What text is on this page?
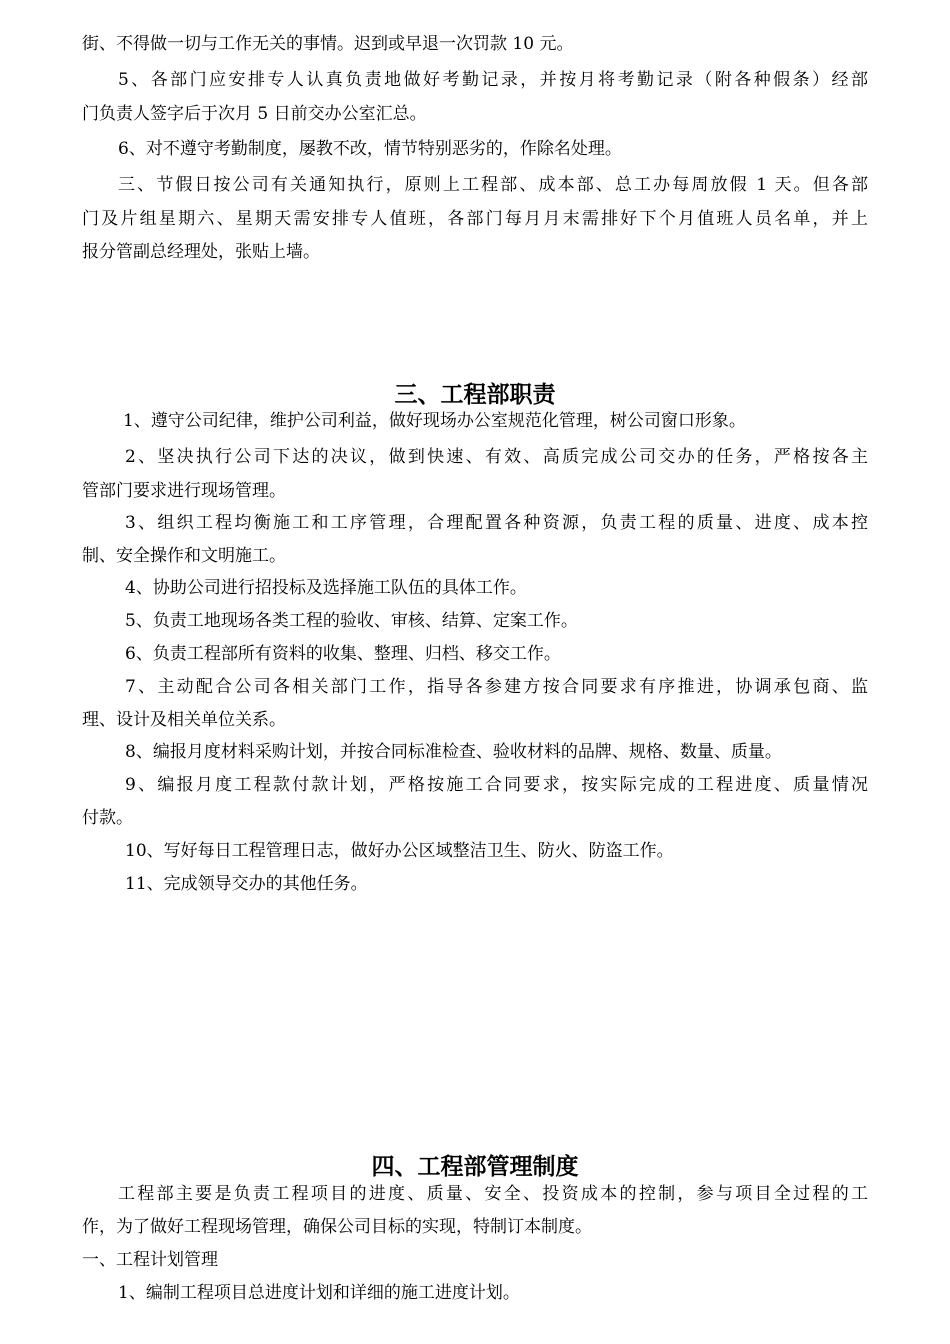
街、不得做一切与工作无关的事情。迟到或早退一次罚款 10 元。
5、各部门应安排专人认真负责地做好考勤记录，并按月将考勤记录（附各种假条）经部
门负责人签字后于次月 5 日前交办公室汇总。
6、对不遵守考勤制度，屡教不改，情节特别恶劣的，作除名处理。
三、节假日按公司有关通知执行，原则上工程部、成本部、总工办每周放假 1 天。但各部
门及片组星期六、星期天需安排专人值班，各部门每月月末需排好下个月值班人员名单，并上
报分管副总经理处，张贴上墙。
三、工程部职责
1、遵守公司纪律，维护公司利益，做好现场办公室规范化管理，树公司窗口形象。
2、坚决执行公司下达的决议，做到快速、有效、高质完成公司交办的任务，严格按各主
管部门要求进行现场管理。
3、组织工程均衡施工和工序管理，合理配置各种资源，负责工程的质量、进度、成本控
制、安全操作和文明施工。
4、协助公司进行招投标及选择施工队伍的具体工作。
5、负责工地现场各类工程的验收、审核、结算、定案工作。
6、负责工程部所有资料的收集、整理、归档、移交工作。
7、主动配合公司各相关部门工作，指导各参建方按合同要求有序推进，协调承包商、监
理、设计及相关单位关系。
8、编报月度材料采购计划，并按合同标准检查、验收材料的品牌、规格、数量、质量。
9、编报月度工程款付款计划，严格按施工合同要求，按实际完成的工程进度、质量情况
付款。
10、写好每日工程管理日志，做好办公区域整洁卫生、防火、防盗工作。
11、完成领导交办的其他任务。
四、工程部管理制度
工程部主要是负责工程项目的进度、质量、安全、投资成本的控制，参与项目全过程的工
作，为了做好工程现场管理，确保公司目标的实现，特制订本制度。
一、工程计划管理
1、编制工程项目总进度计划和详细的施工进度计划。
